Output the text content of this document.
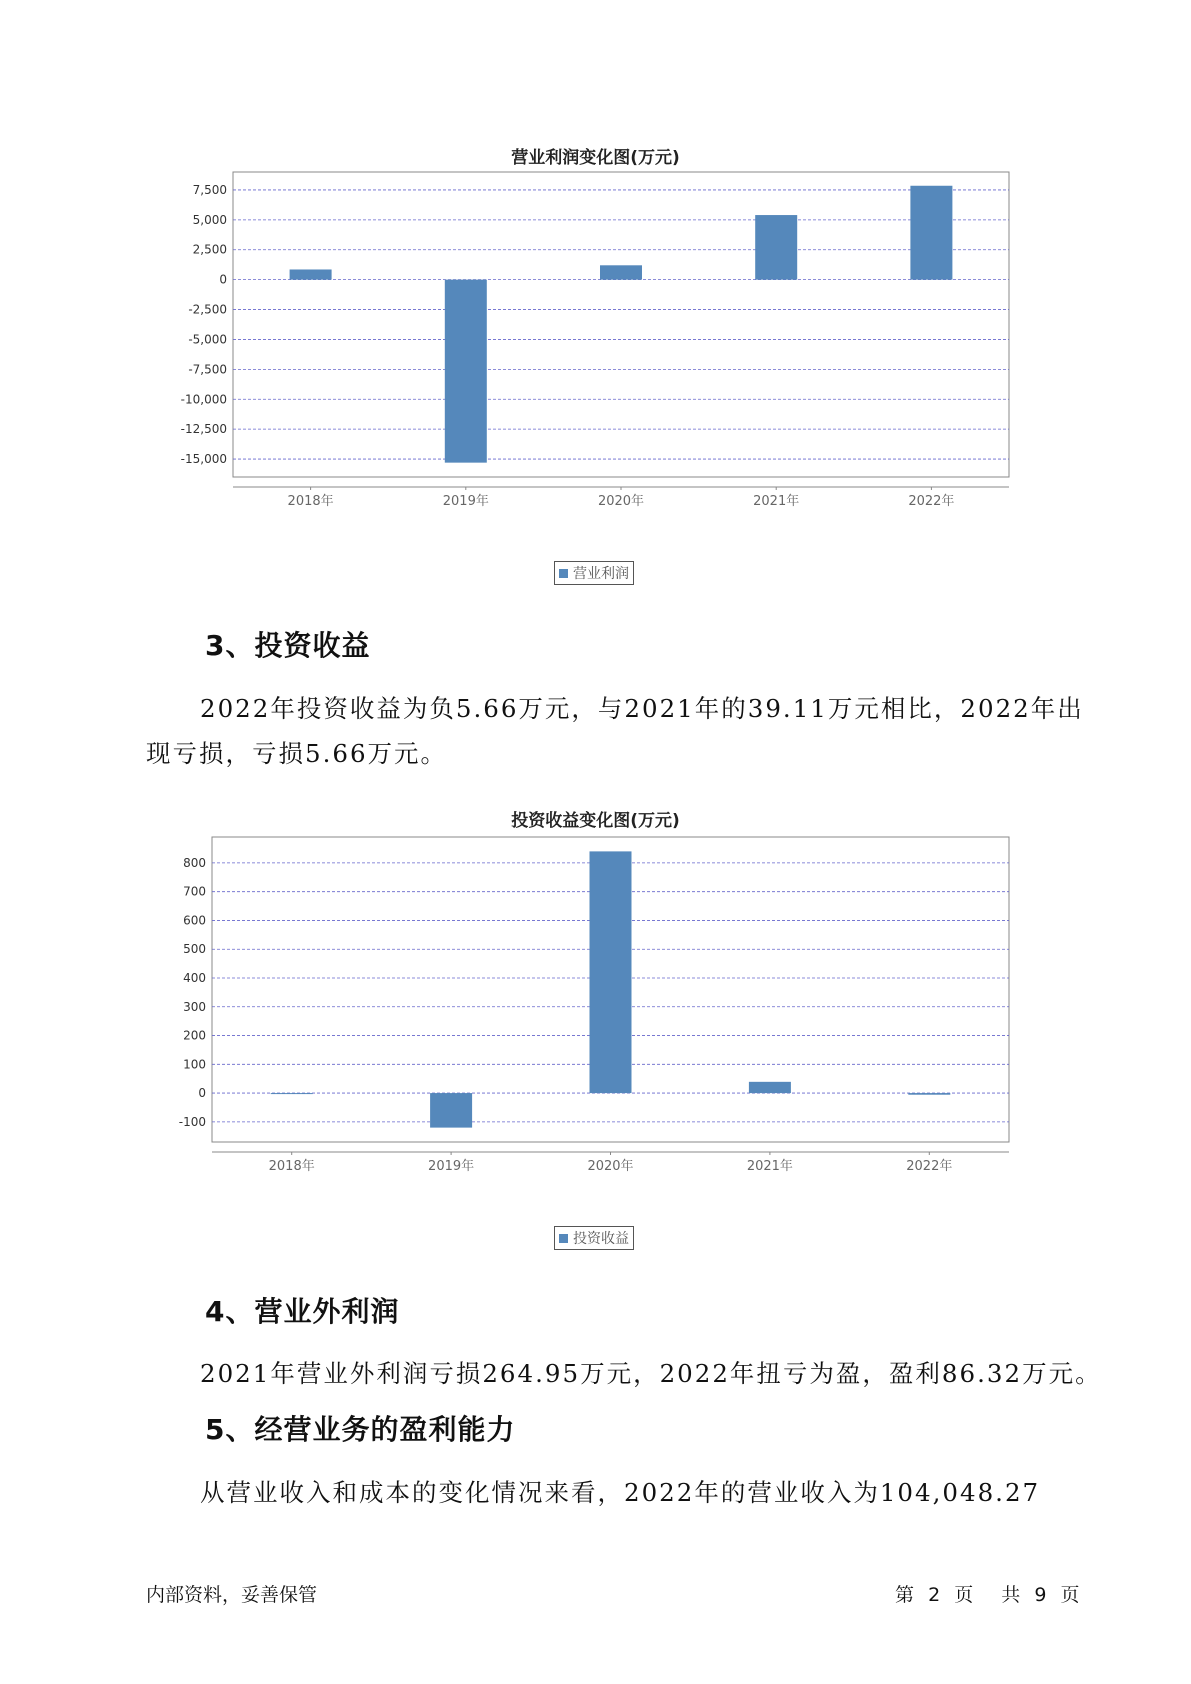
营业利润变化图(万元)
7,500
5,000
2,500
0
-2,500
-5,000
-7,500
-10,000
-12,500
-15,000
2018年	2019年	2020年	2021年	2022年
营业利润
3、投资收益
2022年投资收益为负5.66万元，与2021年的39.11万元相比，2022年出
现亏损，亏损5.66万元。
投资收益变化图(万元)
800
700
600
500
400
300
200
100
0
-100
2018年	2019年	2020年	2021年	2022年
投资收益
4、营业外利润
2021年营业外利润亏损264.95万元，2022年扭亏为盈，盈利86.32万元。
5、经营业务的盈利能力
从营业收入和成本的变化情况来看，2022年的营业收入为104,048.27
内部资料，妥善保管	第 2 页 共 9 页
